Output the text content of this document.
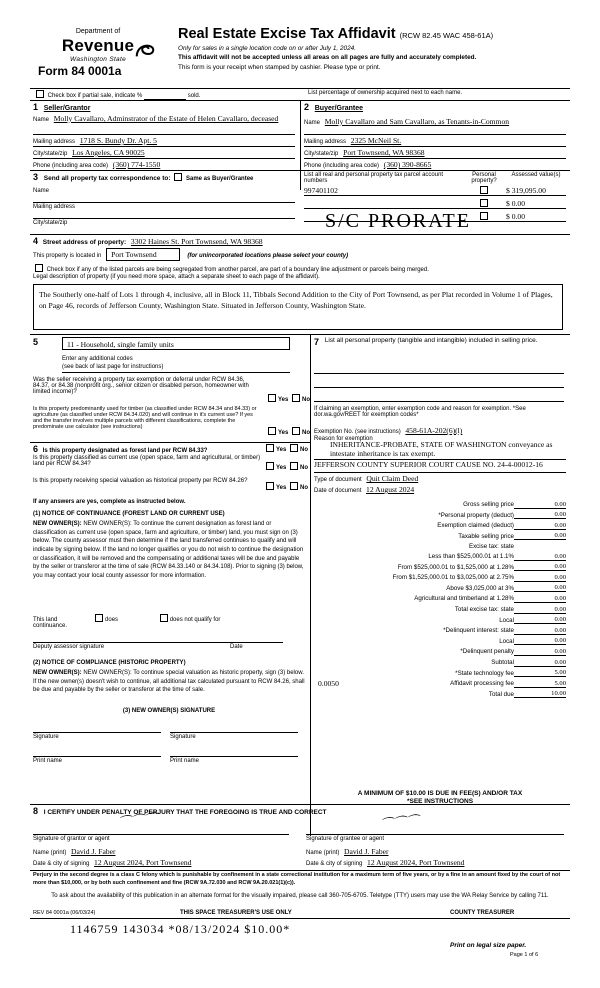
Department of
Revenue
Washington State
Real Estate Excise Tax Affidavit (RCW 82.45 WAC 458-61A)
Only for sales in a single location code on or after July 1, 2024.
This affidavit will not be accepted unless all areas on all pages are fully and accurately completed.
This form is your receipt when stamped by cashier. Please type or print.
Form 84 0001a
Check box if partial sale, indicate %	sold.	List percentage of ownership acquired next to each name.
1 Seller/Grantor
Name Molly Cavallaro, Adminstrator of the Estate of Helen Cavallaro, deceased
Mailing address 1718 S. Bundy Dr. Apt. 5
City/state/zip Los Angeles, CA 90025
Phone (including area code) (360) 774-1550
2 Buyer/Grantee
Name Molly Cavallaro and Sam Cavallaro, as Tenants-in-Common
Mailing address 2325 McNeil St.
City/state/zip Port Townsend, WA 98368
Phone (including area code) (360) 390-8665
3 Send all property tax correspondence to:	Same as Buyer/Grantee
Name
Mailing address
City/state/zip
List all real and personal property tax parcel account numbers
Personal property?
Assessed value(s)
997401102	$ 319,095.00
$ 0.00
$ 0.00
S/C PRORATE
4 Street address of property: 3302 Haines St. Port Townsend, WA 98368
This property is located in Port Townsend	(for unincorporated locations please select your county)
Check box if any of the listed parcels are being segregated from another parcel, are part of a boundary line adjustment or parcels being merged.
Legal description of property (if you need more space, attach a separate sheet to each page of the affidavit).
The Southerly one-half of Lots 1 through 4, inclusive, all in Block 11, Tibbals Second Addition to the City of Port Townsend, as per Plat recorded in Volume 1 of Plages, on Page 46, records of Jefferson County, Washington State. Situated in Jefferson County, Washington State.
5	11 - Household, single family units
Enter any additional codes
(see back of last page for instructions)
Was the seller receiving a property tax exemption or deferral under RCW 84.36, 84.37, or 84.38 (nonprofit org., senior citizen or disabled person, homeowner with limited income)?
Yes No
Is this property predominantly used for timber (as classified under RCW 84.34 and 84.33) or agriculture (as classified under RCW 84.34.020) and will continue in it's current use? If yes and the transfer involves multiple parcels with different classifications, complete the predominate use calculator (see instructions)
Yes No
7 List all personal property (tangible and intangible) included in selling price.
If claiming an exemption, enter exemption code and reason for exemption. *See dor.wa.gov/REET for exemption codes*
Exemption No. (see instructions) 458-61A-202(6)(l)
Reason for exemption
INHERITANCE-PROBATE, STATE OF WASHINGTON conveyance as intestate inheritance is tax exempt.
JEFFERSON COUNTY SUPERIOR COURT CAUSE NO. 24-4-00012-16
Type of document Quit Claim Deed
Date of document 12 August 2024
Gross selling price	0.00
*Personal property (deduct)	0.00
Exemption claimed (deduct)	0.00
Taxable selling price	0.00
Excise tax: state	
Less than $525,000.01 at 1.1%	0.00
From $525,000.01 to $1,525,000 at 1.28%	0.00
From $1,525,000.01 to $3,025,000 at 2.75%	0.00
Above $3,025,000 at 3%	0.00
Agricultural and timberland at 1.28%	0.00
Total excise tax: state	0.00
Local	0.00
*Delinquent interest: state	0.00
Local	0.00
*Delinquent penalty	0.00
Subtotal	0.00
*State technology fee	5.00
Affidavit processing fee	5.00
Total due	10.00
0.0050
A MINIMUM OF $10.00 IS DUE IN FEE(S) AND/OR TAX
*SEE INSTRUCTIONS
6 Is this property designated as forest land per RCW 84.33?	Yes No
Is this property classified as current use (open space, farm and agricultural, or timber) land per RCW 84.34?
Yes No
Is this property receiving special valuation as historical property per RCW 84.26?
Yes No
If any answers are yes, complete as instructed below.
(1) NOTICE OF CONTINUANCE (FOREST LAND OR CURRENT USE)
NEW OWNER(S): NEW OWNER(S): To continue the current designation as forest land or classification as current use (open space, farm and agriculture, or timber) land, you must sign on (3) below. The county assessor must then determine if the land transferred continues to qualify and will indicate by signing below. If the land no longer qualifies or you do not wish to continue the designation or classification, it will be removed and the compensating or additional taxes will be due and payable by the seller or transferor at the time of sale (RCW 84.33.140 or 84.34.108). Prior to signing (3) below, you may contact your local county assessor for more information.
This land	does	does not qualify for
continuance.
Deputy assessor signature	Date
(2) NOTICE OF COMPLIANCE (HISTORIC PROPERTY)
NEW OWNER(S): NEW OWNER(S): To continue special valuation as historic property, sign (3) below. If the new owner(s) doesn't wish to continue, all additional tax calculated pursuant to RCW 84.26, shall be due and payable by the seller or transferor at the time of sale.
(3) NEW OWNER(S) SIGNATURE
Signature	Signature
Print name	Print name
8 I CERTIFY UNDER PENALTY OF PERJURY THAT THE FOREGOING IS TRUE AND CORRECT
⌒⌒⌒	⌒⌒⌒
Signature of grantor or agent	Signature of grantee or agent
Name (print) David J. Faber	Name (print) David J. Faber
Date & city of signing 12 August 2024, Port Townsend	Date & city of signing 12 August 2024, Port Townsend
Perjury in the second degree is a class C felony which is punishable by confinement in a state correctional institution for a maximum term of five years, or by a fine in an amount fixed by the court of not more than $10,000, or by both such confinement and fine (RCW 9A.72.030 and RCW 9A.20.021(1)(c)).
To ask about the availability of this publication in an alternate format for the visually impaired, please call 360-705-6705. Teletype (TTY) users may use the WA Relay Service by calling 711.
REV 84 0001a (06/03/24)	THIS SPACE TREASURER'S USE ONLY	COUNTY TREASURER
1146759 143034 *08/13/2024 $10.00*
Print on legal size paper.
Page 1 of 6
